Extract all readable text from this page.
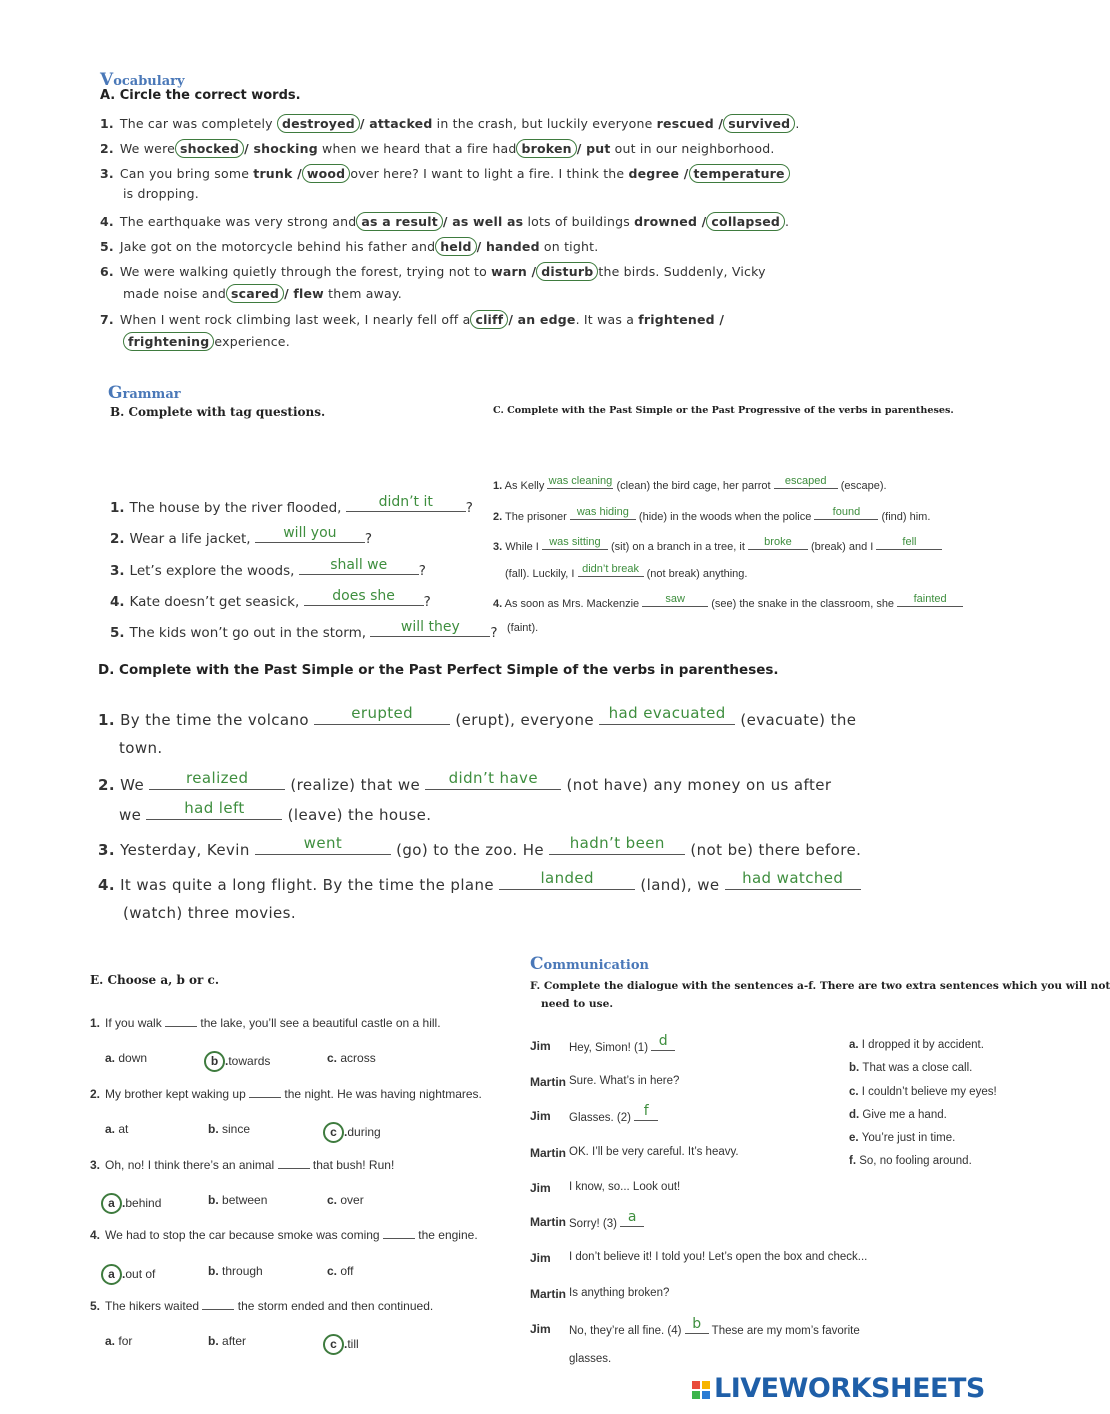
Vocabulary
A. Circle the correct words.
1. The car was completely destroyed / attacked in the crash, but luckily everyone rescued / survived .
2. We were shocked / shocking when we heard that a fire had broken / put out in our neighborhood.
3. Can you bring some trunk / wood over here? I want to light a fire. I think the degree / temperature
is dropping.
4. The earthquake was very strong and as a result / as well as lots of buildings drowned / collapsed .
5. Jake got on the motorcycle behind his father and held / handed on tight.
6. We were walking quietly through the forest, trying not to warn / disturb the birds. Suddenly, Vicky
made noise and scared / flew them away.
7. When I went rock climbing last week, I nearly fell off a cliff / an edge. It was a frightened /
frightening experience.
Grammar
B. Complete with tag questions.	C. Complete with the Past Simple or the Past Progressive of the verbs in parentheses.
1. The house by the river flooded,	didn’t it	?
2. Wear a life jacket,	will you	?
3. Let’s explore the woods,	shall we	?
4. Kate doesn’t get seasick,	does she	?
5. The kids won’t go out in the storm,	will they	?
1. As Kelly was cleaning (clean) the bird cage, her parrot	escaped	(escape).
2. The prisoner was hiding (hide) in the woods when the police	found	(find) him.
3. While I was sitting (sit) on a branch in a tree, it	broke	(break) and I	fell
(fall). Luckily, I didn’t break (not break) anything.
4. As soon as Mrs. Mackenzie	saw	(see) the snake in the classroom, she	fainted
(faint).
D. Complete with the Past Simple or the Past Perfect Simple of the verbs in parentheses.
1. By the time the volcano	erupted	(erupt), everyone had evacuated (evacuate) the
town.
2. We	realized	(realize) that we	didn’t have	(not have) any money on us after
we	had left	(leave) the house.
3. Yesterday, Kevin	went	(go) to the zoo. He	hadn’t been	(not be) there before.
4. It was quite a long flight. By the time the plane	landed	(land), we	had watched
(watch) three movies.
E. Choose a, b or c.
1. If you walk	the lake, you’ll see a beautiful castle on a hill.
a. down	b .towards	c. across
2. My brother kept waking up	the night. He was having nightmares.
a. at	b. since	c .during
3. Oh, no! I think there’s an animal	that bush! Run!
a .behind	b. between	c. over
4. We had to stop the car because smoke was coming	the engine.
a .out of	b. through	c. off
5. The hikers waited	the storm ended and then continued.
a. for	b. after	c .till
Communication
F. Complete the dialogue with the sentences a-f. There are two extra sentences which you will not
need to use.
Jim Hey, Simon! (1) d
Martin Sure. What’s in here?
Jim Glasses. (2) f
Martin OK. I’ll be very careful. It’s heavy.
Jim I know, so... Look out!
Martin Sorry! (3) a
Jim I don’t believe it! I told you! Let’s open the box and check...
Martin Is anything broken?
Jim No, they’re all fine. (4) b These are my mom’s favorite
glasses.
a. I dropped it by accident.
b. That was a close call.
c. I couldn’t believe my eyes!
d. Give me a hand.
e. You’re just in time.
f. So, no fooling around.
LIVEWORKSHEETS
